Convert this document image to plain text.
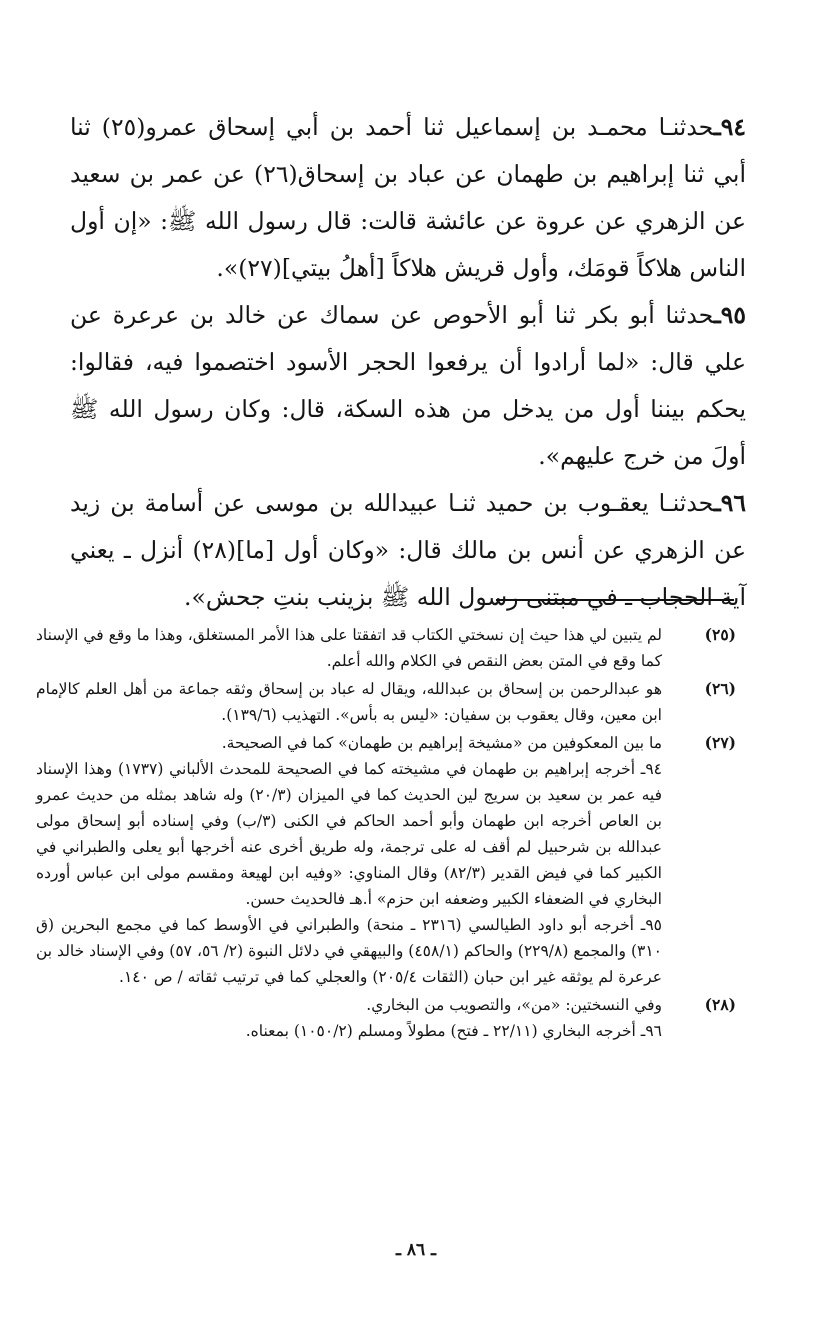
٩٤ـحدثنـا محمـد بن إسماعيل ثنا أحمد بن أبي إسحاق عمرو(٢٥) ثنا أبي ثنا إبراهيم بن طهمان عن عباد بن إسحاق(٢٦) عن عمر بن سعيد عن الزهري عن عروة عن عائشة قالت: قال رسول الله ﷺ: «إن أول الناس هلاكاً قومَك، وأول قريش هلاكاً [أهلُ بيتي](٢٧)».

٩٥ـحدثنا أبو بكر ثنا أبو الأحوص عن سماك عن خالد بن عرعرة عن علي قال: «لما أرادوا أن يرفعوا الحجر الأسود اختصموا فيه، فقالوا: يحكم بيننا أول من يدخل من هذه السكة، قال: وكان رسول الله ﷺ أولَ من خرج عليهم».

٩٦ـحدثنـا يعقـوب بن حميد ثنـا عبيدالله بن موسى عن أسامة بن زيد عن الزهري عن أنس بن مالك قال: «وكان أول [ما](٢٨) أنزل ـ يعني آية الحجاب ـ في مبتنى رسول الله ﷺ بزينب بنتِ جحش».

(٢٥)
لم يتبين لي هذا حيث إن نسختي الكتاب قد اتفقتا على هذا الأمر المستغلق، وهذا ما وقع في الإسناد كما وقع في المتن بعض النقص في الكلام والله أعلم.
(٢٦)
هو عبدالرحمن بن إسحاق بن عبدالله، ويقال له عباد بن إسحاق وثقه جماعة من أهل العلم كالإمام ابن معين، وقال يعقوب بن سفيان: «ليس به بأس». التهذيب (١٣٩/٦).
(٢٧)
ما بين المعكوفين من «مشيخة إبراهيم بن طهمان» كما في الصحيحة.
٩٤ـ أخرجه إبراهيم بن طهمان في مشيخته كما في الصحيحة للمحدث الألباني (١٧٣٧) وهذا الإسناد فيه عمر بن سعيد بن سريج لين الحديث كما في الميزان (٢٠/٣) وله شاهد بمثله من حديث عمرو بن العاص أخرجه ابن طهمان وأبو أحمد الحاكم في الكنى (٣/ب) وفي إسناده أبو إسحاق مولى عبدالله بن شرحبيل لم أقف له على ترجمة، وله طريق أخرى عنه أخرجها أبو يعلى والطبراني في الكبير كما في فيض القدير (٨٢/٣) وقال المناوي: «وفيه ابن لهيعة ومقسم مولى ابن عباس أورده البخاري في الضعفاء الكبير وضعفه ابن حزم» أ.هـ فالحديث حسن.
٩٥ـ أخرجه أبو داود الطيالسي (٢٣١٦ ـ منحة) والطبراني في الأوسط كما في مجمع البحرين (ق ٣١٠) والمجمع (٢٢٩/٨) والحاكم (٤٥٨/١) والبيهقي في دلائل النبوة (٢/ ٥٦، ٥٧) وفي الإسناد خالد بن عرعرة لم يوثقه غير ابن حبان (الثقات ٢٠٥/٤) والعجلي كما في ترتيب ثقاته / ص ١٤٠.
(٢٨)
وفي النسختين: «من»، والتصويب من البخاري.
٩٦ـ أخرجه البخاري (٢٢/١١ ـ فتح) مطولاً ومسلم (١٠٥٠/٢) بمعناه.
ـ ٨٦ ـ
